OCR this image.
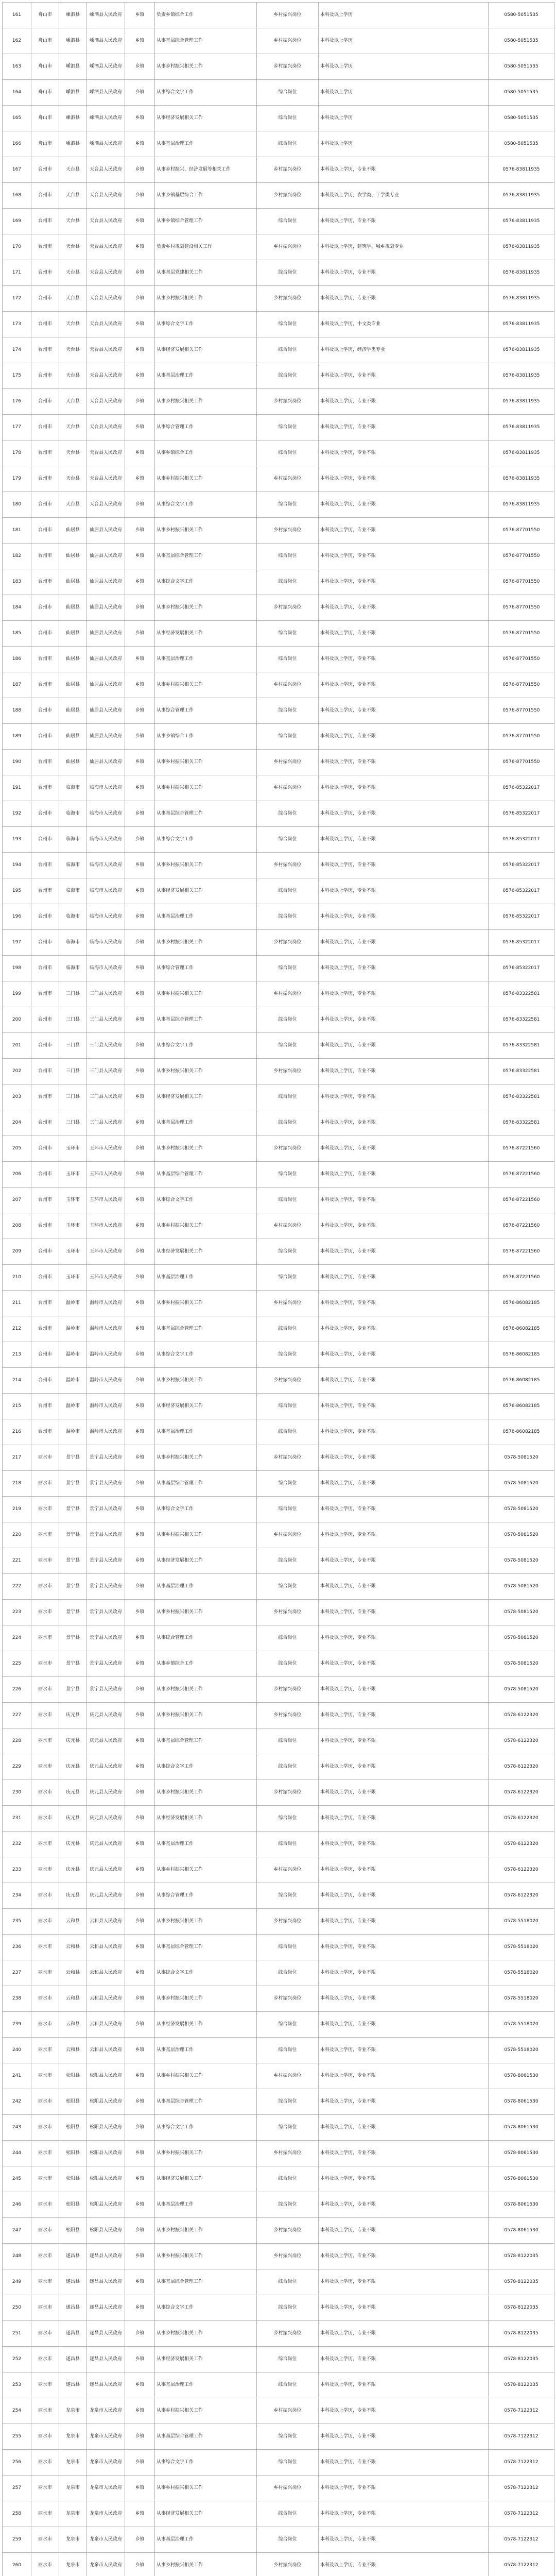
161	舟山市	嵊泗县	嵊泗县人民政府	乡镇	负责乡镇综合工作	乡村振兴岗位	本科及以上学历	0580-5051535
162	舟山市	嵊泗县	嵊泗县人民政府	乡镇	从事基层综合管理工作	乡村振兴岗位	本科及以上学历	0580-5051535
163	舟山市	嵊泗县	嵊泗县人民政府	乡镇	从事乡村振兴相关工作	乡村振兴岗位	本科及以上学历	0580-5051535
164	舟山市	嵊泗县	嵊泗县人民政府	乡镇	从事综合文字工作	综合岗位	本科及以上学历	0580-5051535
165	舟山市	嵊泗县	嵊泗县人民政府	乡镇	从事经济发展相关工作	综合岗位	本科及以上学历	0580-5051535
166	舟山市	嵊泗县	嵊泗县人民政府	乡镇	从事基层治理工作	综合岗位	本科及以上学历	0580-5051535
167	台州市	天台县	天台县人民政府	乡镇	从事乡村振兴、经济发展等相关工作	乡村振兴岗位	本科及以上学历，专业不限	0576-83811935
168	台州市	天台县	天台县人民政府	乡镇	从事乡镇基层综合工作	乡村振兴岗位	本科及以上学历，农学类、工学类专业	0576-83811935
169	台州市	天台县	天台县人民政府	乡镇	从事乡镇综合管理工作	综合岗位	本科及以上学历，专业不限	0576-83811935
170	台州市	天台县	天台县人民政府	乡镇	负责乡村规划建设相关工作	乡村振兴岗位	本科及以上学历，建筑学、城乡规划专业	0576-83811935
171	台州市	天台县	天台县人民政府	乡镇	从事基层党建相关工作	综合岗位	本科及以上学历，专业不限	0576-83811935
172	台州市	天台县	天台县人民政府	乡镇	从事乡村振兴相关工作	乡村振兴岗位	本科及以上学历，专业不限	0576-83811935
173	台州市	天台县	天台县人民政府	乡镇	从事综合文字工作	综合岗位	本科及以上学历，中文类专业	0576-83811935
174	台州市	天台县	天台县人民政府	乡镇	从事经济发展相关工作	综合岗位	本科及以上学历，经济学类专业	0576-83811935
175	台州市	天台县	天台县人民政府	乡镇	从事基层治理工作	综合岗位	本科及以上学历，专业不限	0576-83811935
176	台州市	天台县	天台县人民政府	乡镇	从事乡村振兴相关工作	乡村振兴岗位	本科及以上学历，专业不限	0576-83811935
177	台州市	天台县	天台县人民政府	乡镇	从事综合管理工作	综合岗位	本科及以上学历，专业不限	0576-83811935
178	台州市	天台县	天台县人民政府	乡镇	从事乡镇综合工作	综合岗位	本科及以上学历，专业不限	0576-83811935
179	台州市	天台县	天台县人民政府	乡镇	从事乡村振兴相关工作	乡村振兴岗位	本科及以上学历，专业不限	0576-83811935
180	台州市	天台县	天台县人民政府	乡镇	从事综合文字工作	综合岗位	本科及以上学历，专业不限	0576-83811935
181	台州市	仙居县	仙居县人民政府	乡镇	从事乡村振兴相关工作	乡村振兴岗位	本科及以上学历，专业不限	0576-87701550
182	台州市	仙居县	仙居县人民政府	乡镇	从事基层综合管理工作	综合岗位	本科及以上学历，专业不限	0576-87701550
183	台州市	仙居县	仙居县人民政府	乡镇	从事综合文字工作	综合岗位	本科及以上学历，专业不限	0576-87701550
184	台州市	仙居县	仙居县人民政府	乡镇	从事乡村振兴相关工作	乡村振兴岗位	本科及以上学历，专业不限	0576-87701550
185	台州市	仙居县	仙居县人民政府	乡镇	从事经济发展相关工作	综合岗位	本科及以上学历，专业不限	0576-87701550
186	台州市	仙居县	仙居县人民政府	乡镇	从事基层治理工作	综合岗位	本科及以上学历，专业不限	0576-87701550
187	台州市	仙居县	仙居县人民政府	乡镇	从事乡村振兴相关工作	乡村振兴岗位	本科及以上学历，专业不限	0576-87701550
188	台州市	仙居县	仙居县人民政府	乡镇	从事综合管理工作	综合岗位	本科及以上学历，专业不限	0576-87701550
189	台州市	仙居县	仙居县人民政府	乡镇	从事乡镇综合工作	综合岗位	本科及以上学历，专业不限	0576-87701550
190	台州市	仙居县	仙居县人民政府	乡镇	从事乡村振兴相关工作	乡村振兴岗位	本科及以上学历，专业不限	0576-87701550
191	台州市	临海市	临海市人民政府	乡镇	从事乡村振兴相关工作	乡村振兴岗位	本科及以上学历，专业不限	0576-85322017
192	台州市	临海市	临海市人民政府	乡镇	从事基层综合管理工作	综合岗位	本科及以上学历，专业不限	0576-85322017
193	台州市	临海市	临海市人民政府	乡镇	从事综合文字工作	综合岗位	本科及以上学历，专业不限	0576-85322017
194	台州市	临海市	临海市人民政府	乡镇	从事乡村振兴相关工作	乡村振兴岗位	本科及以上学历，专业不限	0576-85322017
195	台州市	临海市	临海市人民政府	乡镇	从事经济发展相关工作	综合岗位	本科及以上学历，专业不限	0576-85322017
196	台州市	临海市	临海市人民政府	乡镇	从事基层治理工作	综合岗位	本科及以上学历，专业不限	0576-85322017
197	台州市	临海市	临海市人民政府	乡镇	从事乡村振兴相关工作	乡村振兴岗位	本科及以上学历，专业不限	0576-85322017
198	台州市	临海市	临海市人民政府	乡镇	从事综合管理工作	综合岗位	本科及以上学历，专业不限	0576-85322017
199	台州市	三门县	三门县人民政府	乡镇	从事乡村振兴相关工作	乡村振兴岗位	本科及以上学历，专业不限	0576-83322581
200	台州市	三门县	三门县人民政府	乡镇	从事基层综合管理工作	综合岗位	本科及以上学历，专业不限	0576-83322581
201	台州市	三门县	三门县人民政府	乡镇	从事综合文字工作	综合岗位	本科及以上学历，专业不限	0576-83322581
202	台州市	三门县	三门县人民政府	乡镇	从事乡村振兴相关工作	乡村振兴岗位	本科及以上学历，专业不限	0576-83322581
203	台州市	三门县	三门县人民政府	乡镇	从事经济发展相关工作	综合岗位	本科及以上学历，专业不限	0576-83322581
204	台州市	三门县	三门县人民政府	乡镇	从事基层治理工作	综合岗位	本科及以上学历，专业不限	0576-83322581
205	台州市	玉环市	玉环市人民政府	乡镇	从事乡村振兴相关工作	乡村振兴岗位	本科及以上学历，专业不限	0576-87221560
206	台州市	玉环市	玉环市人民政府	乡镇	从事基层综合管理工作	综合岗位	本科及以上学历，专业不限	0576-87221560
207	台州市	玉环市	玉环市人民政府	乡镇	从事综合文字工作	综合岗位	本科及以上学历，专业不限	0576-87221560
208	台州市	玉环市	玉环市人民政府	乡镇	从事乡村振兴相关工作	乡村振兴岗位	本科及以上学历，专业不限	0576-87221560
209	台州市	玉环市	玉环市人民政府	乡镇	从事经济发展相关工作	综合岗位	本科及以上学历，专业不限	0576-87221560
210	台州市	玉环市	玉环市人民政府	乡镇	从事基层治理工作	综合岗位	本科及以上学历，专业不限	0576-87221560
211	台州市	温岭市	温岭市人民政府	乡镇	从事乡村振兴相关工作	乡村振兴岗位	本科及以上学历，专业不限	0576-86082185
212	台州市	温岭市	温岭市人民政府	乡镇	从事基层综合管理工作	综合岗位	本科及以上学历，专业不限	0576-86082185
213	台州市	温岭市	温岭市人民政府	乡镇	从事综合文字工作	综合岗位	本科及以上学历，专业不限	0576-86082185
214	台州市	温岭市	温岭市人民政府	乡镇	从事乡村振兴相关工作	乡村振兴岗位	本科及以上学历，专业不限	0576-86082185
215	台州市	温岭市	温岭市人民政府	乡镇	从事经济发展相关工作	综合岗位	本科及以上学历，专业不限	0576-86082185
216	台州市	温岭市	温岭市人民政府	乡镇	从事基层治理工作	综合岗位	本科及以上学历，专业不限	0576-86082185
217	丽水市	景宁县	景宁县人民政府	乡镇	从事乡村振兴相关工作	乡村振兴岗位	本科及以上学历，专业不限	0578-5081520
218	丽水市	景宁县	景宁县人民政府	乡镇	从事基层综合管理工作	综合岗位	本科及以上学历，专业不限	0578-5081520
219	丽水市	景宁县	景宁县人民政府	乡镇	从事综合文字工作	综合岗位	本科及以上学历，专业不限	0578-5081520
220	丽水市	景宁县	景宁县人民政府	乡镇	从事乡村振兴相关工作	乡村振兴岗位	本科及以上学历，专业不限	0578-5081520
221	丽水市	景宁县	景宁县人民政府	乡镇	从事经济发展相关工作	综合岗位	本科及以上学历，专业不限	0578-5081520
222	丽水市	景宁县	景宁县人民政府	乡镇	从事基层治理工作	综合岗位	本科及以上学历，专业不限	0578-5081520
223	丽水市	景宁县	景宁县人民政府	乡镇	从事乡村振兴相关工作	乡村振兴岗位	本科及以上学历，专业不限	0578-5081520
224	丽水市	景宁县	景宁县人民政府	乡镇	从事综合管理工作	综合岗位	本科及以上学历，专业不限	0578-5081520
225	丽水市	景宁县	景宁县人民政府	乡镇	从事乡镇综合工作	综合岗位	本科及以上学历，专业不限	0578-5081520
226	丽水市	景宁县	景宁县人民政府	乡镇	从事乡村振兴相关工作	乡村振兴岗位	本科及以上学历，专业不限	0578-5081520
227	丽水市	庆元县	庆元县人民政府	乡镇	从事乡村振兴相关工作	乡村振兴岗位	本科及以上学历，专业不限	0578-6122320
228	丽水市	庆元县	庆元县人民政府	乡镇	从事基层综合管理工作	综合岗位	本科及以上学历，专业不限	0578-6122320
229	丽水市	庆元县	庆元县人民政府	乡镇	从事综合文字工作	综合岗位	本科及以上学历，专业不限	0578-6122320
230	丽水市	庆元县	庆元县人民政府	乡镇	从事乡村振兴相关工作	乡村振兴岗位	本科及以上学历，专业不限	0578-6122320
231	丽水市	庆元县	庆元县人民政府	乡镇	从事经济发展相关工作	综合岗位	本科及以上学历，专业不限	0578-6122320
232	丽水市	庆元县	庆元县人民政府	乡镇	从事基层治理工作	综合岗位	本科及以上学历，专业不限	0578-6122320
233	丽水市	庆元县	庆元县人民政府	乡镇	从事乡村振兴相关工作	乡村振兴岗位	本科及以上学历，专业不限	0578-6122320
234	丽水市	庆元县	庆元县人民政府	乡镇	从事综合管理工作	综合岗位	本科及以上学历，专业不限	0578-6122320
235	丽水市	云和县	云和县人民政府	乡镇	从事乡村振兴相关工作	乡村振兴岗位	本科及以上学历，专业不限	0578-5518020
236	丽水市	云和县	云和县人民政府	乡镇	从事基层综合管理工作	综合岗位	本科及以上学历，专业不限	0578-5518020
237	丽水市	云和县	云和县人民政府	乡镇	从事综合文字工作	综合岗位	本科及以上学历，专业不限	0578-5518020
238	丽水市	云和县	云和县人民政府	乡镇	从事乡村振兴相关工作	乡村振兴岗位	本科及以上学历，专业不限	0578-5518020
239	丽水市	云和县	云和县人民政府	乡镇	从事经济发展相关工作	综合岗位	本科及以上学历，专业不限	0578-5518020
240	丽水市	云和县	云和县人民政府	乡镇	从事基层治理工作	综合岗位	本科及以上学历，专业不限	0578-5518020
241	丽水市	松阳县	松阳县人民政府	乡镇	从事乡村振兴相关工作	乡村振兴岗位	本科及以上学历，专业不限	0578-8061530
242	丽水市	松阳县	松阳县人民政府	乡镇	从事基层综合管理工作	综合岗位	本科及以上学历，专业不限	0578-8061530
243	丽水市	松阳县	松阳县人民政府	乡镇	从事综合文字工作	综合岗位	本科及以上学历，专业不限	0578-8061530
244	丽水市	松阳县	松阳县人民政府	乡镇	从事乡村振兴相关工作	乡村振兴岗位	本科及以上学历，专业不限	0578-8061530
245	丽水市	松阳县	松阳县人民政府	乡镇	从事经济发展相关工作	综合岗位	本科及以上学历，专业不限	0578-8061530
246	丽水市	松阳县	松阳县人民政府	乡镇	从事基层治理工作	综合岗位	本科及以上学历，专业不限	0578-8061530
247	丽水市	松阳县	松阳县人民政府	乡镇	从事乡村振兴相关工作	乡村振兴岗位	本科及以上学历，专业不限	0578-8061530
248	丽水市	遂昌县	遂昌县人民政府	乡镇	从事乡村振兴相关工作	乡村振兴岗位	本科及以上学历，专业不限	0578-8122035
249	丽水市	遂昌县	遂昌县人民政府	乡镇	从事基层综合管理工作	综合岗位	本科及以上学历，专业不限	0578-8122035
250	丽水市	遂昌县	遂昌县人民政府	乡镇	从事综合文字工作	综合岗位	本科及以上学历，专业不限	0578-8122035
251	丽水市	遂昌县	遂昌县人民政府	乡镇	从事乡村振兴相关工作	乡村振兴岗位	本科及以上学历，专业不限	0578-8122035
252	丽水市	遂昌县	遂昌县人民政府	乡镇	从事经济发展相关工作	综合岗位	本科及以上学历，专业不限	0578-8122035
253	丽水市	遂昌县	遂昌县人民政府	乡镇	从事基层治理工作	综合岗位	本科及以上学历，专业不限	0578-8122035
254	丽水市	龙泉市	龙泉市人民政府	乡镇	从事乡村振兴相关工作	乡村振兴岗位	本科及以上学历，专业不限	0578-7122312
255	丽水市	龙泉市	龙泉市人民政府	乡镇	从事基层综合管理工作	综合岗位	本科及以上学历，专业不限	0578-7122312
256	丽水市	龙泉市	龙泉市人民政府	乡镇	从事综合文字工作	综合岗位	本科及以上学历，专业不限	0578-7122312
257	丽水市	龙泉市	龙泉市人民政府	乡镇	从事乡村振兴相关工作	乡村振兴岗位	本科及以上学历，专业不限	0578-7122312
258	丽水市	龙泉市	龙泉市人民政府	乡镇	从事经济发展相关工作	综合岗位	本科及以上学历，专业不限	0578-7122312
259	丽水市	龙泉市	龙泉市人民政府	乡镇	从事基层治理工作	综合岗位	本科及以上学历，专业不限	0578-7122312
260	丽水市	龙泉市	龙泉市人民政府	乡镇	从事乡村振兴相关工作	乡村振兴岗位	本科及以上学历，专业不限	0578-7122312
